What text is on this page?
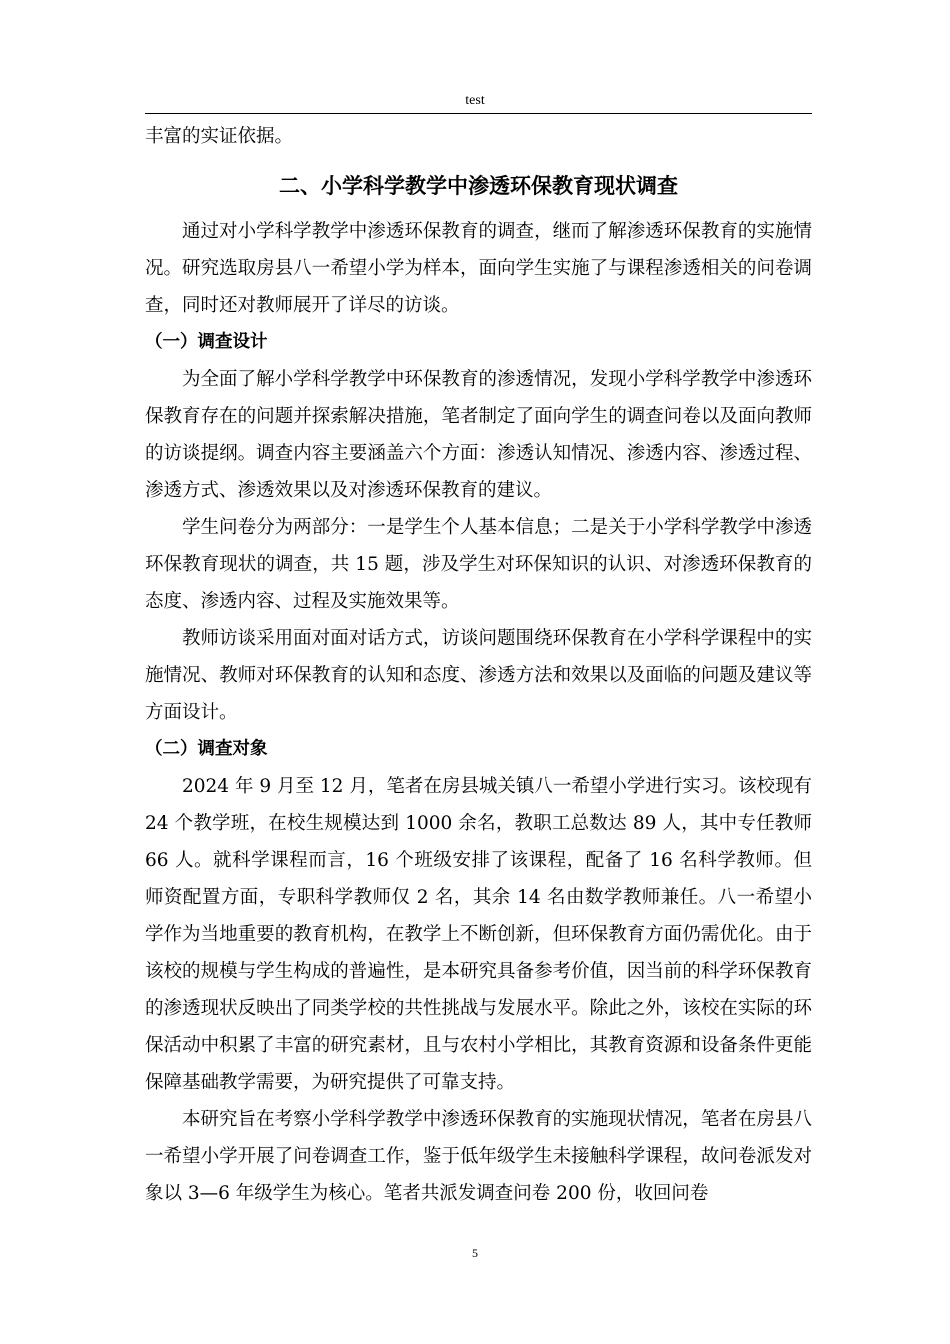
test

丰富的实证依据。

二、小学科学教学中渗透环保教育现状调查

通过对小学科学教学中渗透环保教育的调查，继而了解渗透环保教育的实施情况。研究选取房县八一希望小学为样本，面向学生实施了与课程渗透相关的问卷调查，同时还对教师展开了详尽的访谈。

（一）调查设计

为全面了解小学科学教学中环保教育的渗透情况，发现小学科学教学中渗透环保教育存在的问题并探索解决措施，笔者制定了面向学生的调查问卷以及面向教师的访谈提纲。调查内容主要涵盖六个方面：渗透认知情况、渗透内容、渗透过程、渗透方式、渗透效果以及对渗透环保教育的建议。

学生问卷分为两部分：一是学生个人基本信息；二是关于小学科学教学中渗透环保教育现状的调查，共 15 题，涉及学生对环保知识的认识、对渗透环保教育的态度、渗透内容、过程及实施效果等。

教师访谈采用面对面对话方式，访谈问题围绕环保教育在小学科学课程中的实施情况、教师对环保教育的认知和态度、渗透方法和效果以及面临的问题及建议等方面设计。

（二）调查对象

2024 年 9 月至 12 月，笔者在房县城关镇八一希望小学进行实习。该校现有 24 个教学班，在校生规模达到 1000 余名，教职工总数达 89 人，其中专任教师 66 人。就科学课程而言，16 个班级安排了该课程，配备了 16 名科学教师。但师资配置方面，专职科学教师仅 2 名，其余 14 名由数学教师兼任。八一希望小学作为当地重要的教育机构，在教学上不断创新，但环保教育方面仍需优化。由于该校的规模与学生构成的普遍性，是本研究具备参考价值，因当前的科学环保教育的渗透现状反映出了同类学校的共性挑战与发展水平。除此之外，该校在实际的环保活动中积累了丰富的研究素材，且与农村小学相比，其教育资源和设备条件更能保障基础教学需要，为研究提供了可靠支持。

本研究旨在考察小学科学教学中渗透环保教育的实施现状情况，笔者在房县八一希望小学开展了问卷调查工作，鉴于低年级学生未接触科学课程，故问卷派发对象以 3—6 年级学生为核心。笔者共派发调查问卷 200 份，收回问卷

5
